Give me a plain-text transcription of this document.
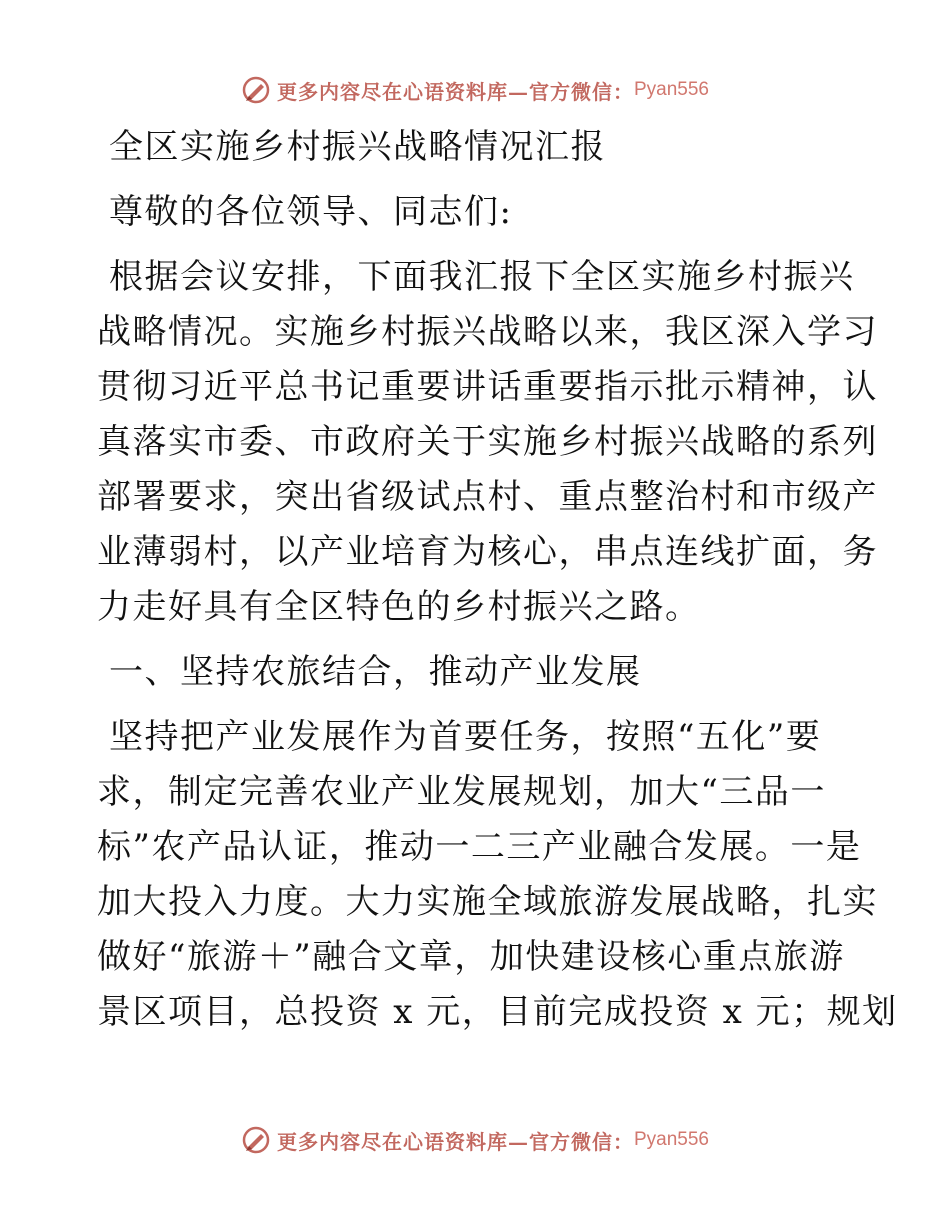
更多内容尽在心语资料库—官方微信： Pyan556
全区实施乡村振兴战略情况汇报
尊敬的各位领导、同志们:
根据会议安排，下面我汇报下全区实施乡村振兴
战略情况。实施乡村振兴战略以来，我区深入学习
贯彻习近平总书记重要讲话重要指示批示精神，认
真落实市委、市政府关于实施乡村振兴战略的系列
部署要求，突出省级试点村、重点整治村和市级产
业薄弱村，以产业培育为核心，串点连线扩面，务
力走好具有全区特色的乡村振兴之路。
一、坚持农旅结合，推动产业发展
坚持把产业发展作为首要任务，按照“五化”要
求，制定完善农业产业发展规划，加大“三品一
标”农产品认证，推动一二三产业融合发展。一是
加大投入力度。大力实施全域旅游发展战略，扎实
做好“旅游＋”融合文章，加快建设核心重点旅游
景区项目，总投资 x 元，目前完成投资 x 元；规划
更多内容尽在心语资料库—官方微信： Pyan556
